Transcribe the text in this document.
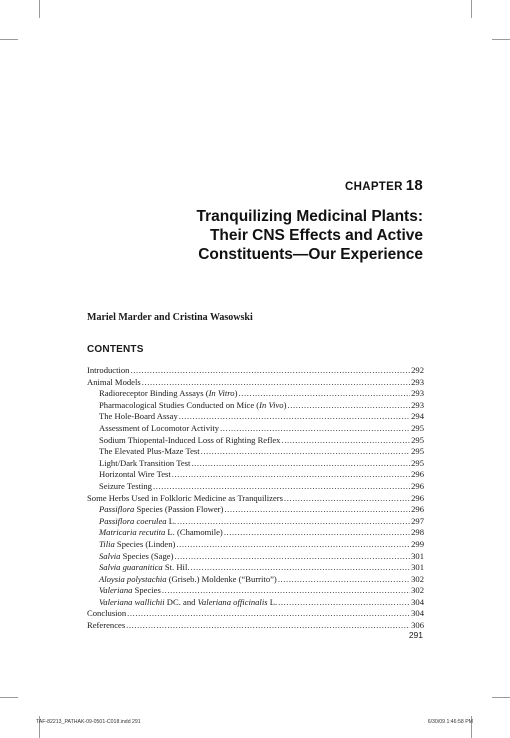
CHAPTER 18
Tranquilizing Medicinal Plants:
Their CNS Effects and Active
Constituents—Our Experience
Mariel Marder and Cristina Wasowski
CONTENTS
Introduction .....	292
Animal Models .....	293
Radioreceptor Binding Assays (In Vitro) .....	293
Pharmacological Studies Conducted on Mice (In Vivo) .....	293
The Hole-Board Assay .....	294
Assessment of Locomotor Activity .....	295
Sodium Thiopental-Induced Loss of Righting Reflex .....	295
The Elevated Plus-Maze Test .....	295
Light/Dark Transition Test .....	295
Horizontal Wire Test .....	296
Seizure Testing .....	296
Some Herbs Used in Folkloric Medicine as Tranquilizers .....	296
Passiflora Species (Passion Flower) .....	296
Passiflora coerulea L. .....	297
Matricaria recutita L. (Chamomile) .....	298
Tilia Species (Linden) .....	299
Salvia Species (Sage) .....	301
Salvia guaranitica St. Hil. .....	301
Aloysia polystachia (Griseb.) Moldenke (“Burrito”) .....	302
Valeriana Species .....	302
Valeriana wallichii DC. and Valeriana officinalis L. .....	304
Conclusion .....	304
References .....	306
291
TAF-82213_PATHAK-09-0501-C018.indd 291	6/30/09 1:46:58 PM
